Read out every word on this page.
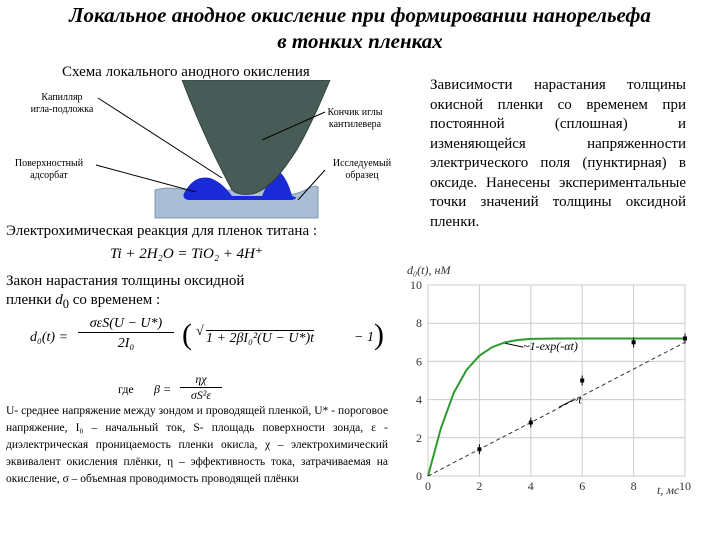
Локальное анодное окисление при формировании нанорельефа
в тонких пленках
Схема локального анодного окисления
Капилляр
игла-подложка	Кончик иглы
кантилевера
Поверхностный
адсорбат
Исследуемый
образец
Электрохимическая реакция для пленок титана :
Ti + 2H₂O = TiO₂ + 4H⁺
Закон нарастания толщины оксидной
пленки $d_0$ со временем :
d₀(t) =
σεS(U − U*)
2I₀	( √ 1 + 2βI₀²(U − U*)t	− 1 )
где β =
ηχ
σS²ε
U- среднее напряжение между зондом и проводящей пленкой, U* - пороговое напряжение, I₀ – начальный ток, S- площадь поверхности зонда, ε - диэлектрическая проницаемость пленки окисла, χ – электрохимический эквивалент окисления плёнки, η – эффективность тока, затрачиваемая на окисление, σ – объемная проводимость проводящей плёнки
Зависимости нарастания толщины окисной пленки со временем при постоянной (сплошная) и изменяющейся напряженности электрического поля (пунктирная) в оксиде. Нанесены экспериментальные точки значений толщины оксидной пленки.
0	2	4	6	8	10
0
2
4
6
8
10
d₀(t), нМ
t, мс
~1-exp(-αt)
~t
